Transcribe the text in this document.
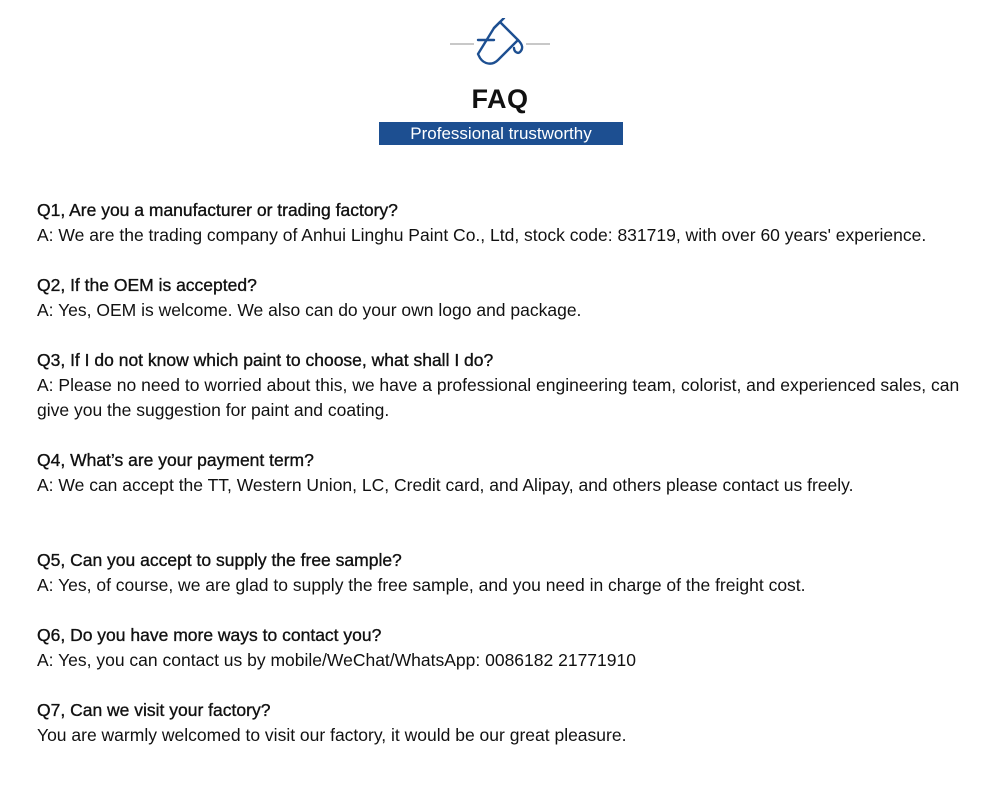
FAQ
Professional trustworthy
Q1, Are you a manufacturer or trading factory?
A: We are the trading company of Anhui Linghu Paint Co., Ltd, stock code: 831719, with over 60 years' experience.
Q2, If the OEM is accepted?
A: Yes, OEM is welcome. We also can do your own logo and package.
Q3, If I do not know which paint to choose, what shall I do?
A: Please no need to worried about this, we have a professional engineering team, colorist, and experienced sales, can give you the suggestion for paint and coating.
Q4, What’s are your payment term?
A: We can accept the TT, Western Union, LC, Credit card, and Alipay, and others please contact us freely.
Q5, Can you accept to supply the free sample?
A: Yes, of course, we are glad to supply the free sample, and you need in charge of the freight cost.
Q6, Do you have more ways to contact you?
A: Yes, you can contact us by mobile/WeChat/WhatsApp: 0086182 21771910
Q7, Can we visit your factory?
You are warmly welcomed to visit our factory, it would be our great pleasure.
